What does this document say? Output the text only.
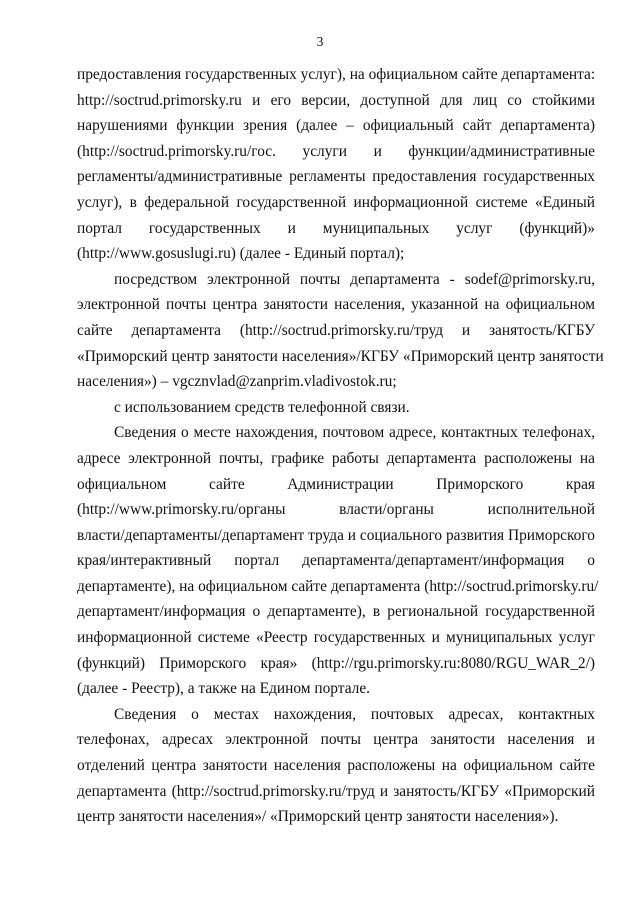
3
предоставления государственных услуг), на официальном сайте департамента:
http://soctrud.primorsky.ru и его версии, доступной для лиц со стойкими
нарушениями функции зрения (далее – официальный сайт департамента)
(http://soctrud.primorsky.ru/гос. услуги и функции/административные
регламенты/административные регламенты предоставления государственных
услуг), в федеральной государственной информационной системе «Единый
портал государственных и муниципальных услуг (функций)»
(http://www.gosuslugi.ru) (далее - Единый портал);
посредством электронной почты департамента - sodef@primorsky.ru,
электронной почты центра занятости населения, указанной на официальном
сайте департамента (http://soctrud.primorsky.ru/труд и занятость/КГБУ
«Приморский центр занятости населения»/КГБУ «Приморский центр занятости
населения») – vgcznvlad@zanprim.vladivostok.ru;
с использованием средств телефонной связи.
Сведения о месте нахождения, почтовом адресе, контактных телефонах,
адресе электронной почты, графике работы департамента расположены на
официальном сайте Администрации Приморского края
(http://www.primorsky.ru/органы власти/органы исполнительной
власти/департаменты/департамент труда и социального развития Приморского
края/интерактивный портал департамента/департамент/информация о
департаменте), на официальном сайте департамента (http://soctrud.primorsky.ru/
департамент/информация о департаменте), в региональной государственной
информационной системе «Реестр государственных и муниципальных услуг
(функций) Приморского края» (http://rgu.primorsky.ru:8080/RGU_WAR_2/)
(далее - Реестр), а также на Едином портале.
Сведения о местах нахождения, почтовых адресах, контактных
телефонах, адресах электронной почты центра занятости населения и
отделений центра занятости населения расположены на официальном сайте
департамента (http://soctrud.primorsky.ru/труд и занятость/КГБУ «Приморский
центр занятости населения»/ «Приморский центр занятости населения»).
